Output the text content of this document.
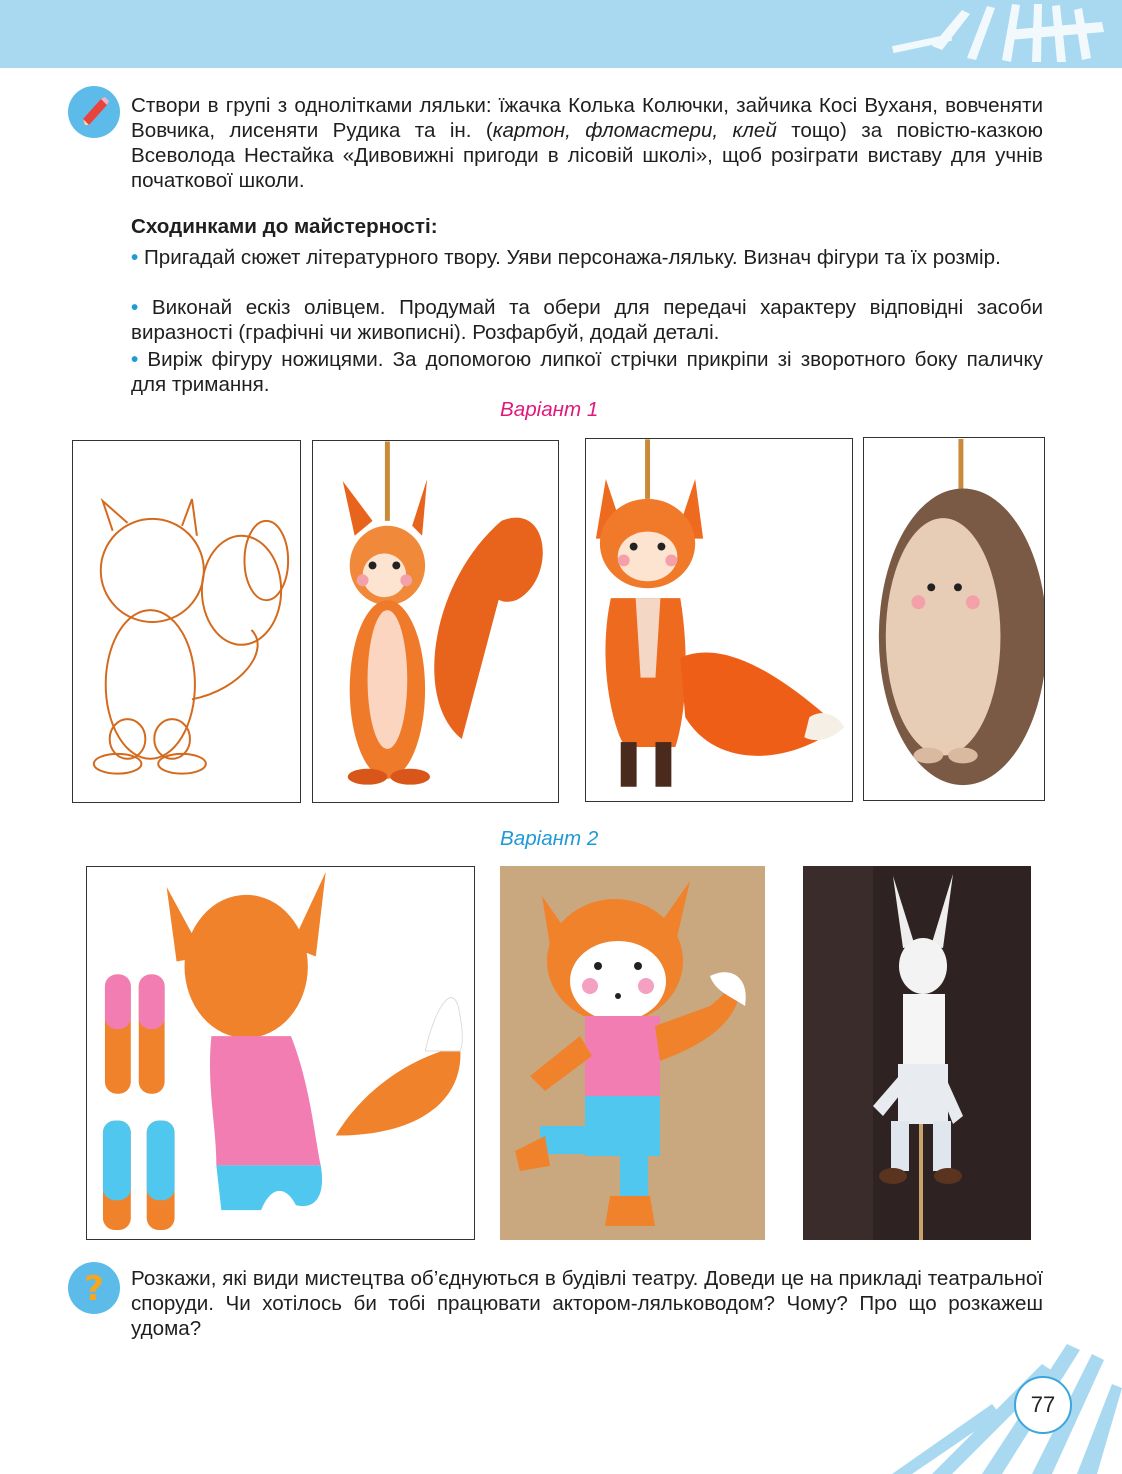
Створи в групі з однолітками ляльки: їжачка Колька Колючки, зайчика Косі Вуханя, вовченяти Вовчика, лисеняти Рудика та ін. (картон, фломастери, клей тощо) за повістю-казкою Всеволода Нестайка «Дивовижні пригоди в лісовій школі», щоб розіграти виставу для учнів початкової школи.

Сходинками до майстерності:
• Пригадай сюжет літературного твору. Уяви персонажа-ляльку. Визнач фігури та їх розмір.
• Виконай ескіз олівцем. Продумай та обери для передачі характеру відповідні засоби виразності (графічні чи живописні). Розфарбуй, додай деталі.
• Виріж фігуру ножицями. За допомогою липкої стрічки прикріпи зі зворотного боку паличку для тримання.
Варіант 1
Варіант 2
? Розкажи, які види мистецтва об’єднуються в будівлі театру. Доведи це на прикладі театральної споруди. Чи хотілось би тобі працювати актором-ляльководом? Чому? Про що розкажеш удома?
77
